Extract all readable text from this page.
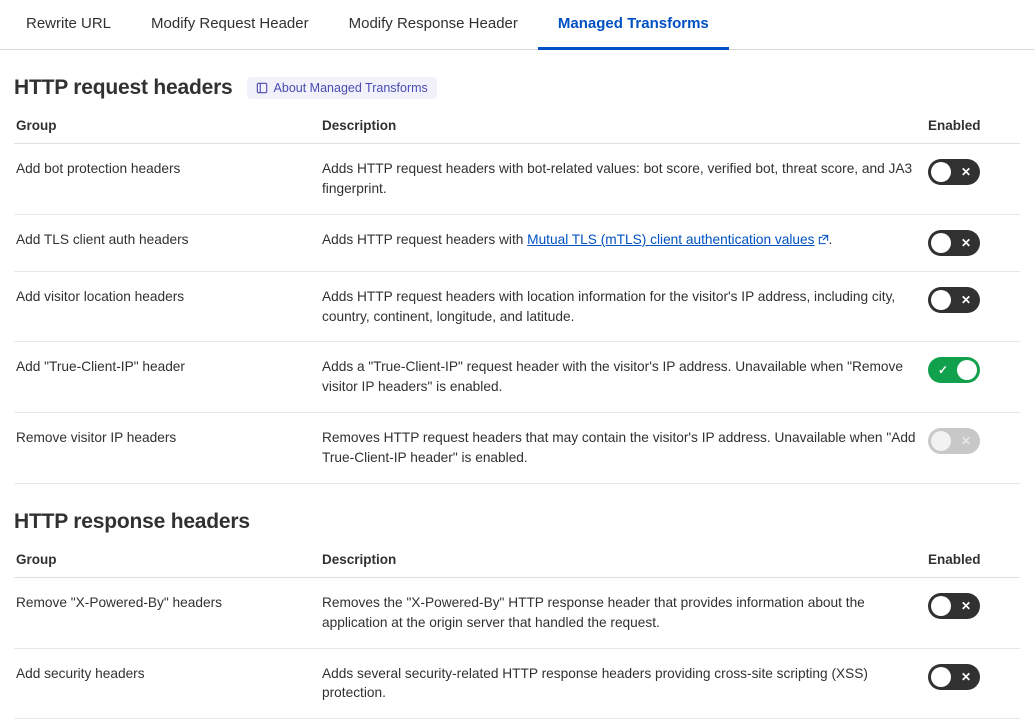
Rewrite URL	Modify Request Header	Modify Response Header	Managed Transforms
HTTP request headers	About Managed Transforms
Group	Description	Enabled
Add bot protection headers	Adds HTTP request headers with bot-related values: bot score, verified bot, threat score, and JA3 fingerprint.	✕

Add TLS client auth headers	Adds HTTP request headers with Mutual TLS (mTLS) client authentication values .	✕

Add visitor location headers	Adds HTTP request headers with location information for the visitor's IP address, including city, country, continent, longitude, and latitude.	✕

Add "True-Client-IP" header	Adds a "True-Client-IP" request header with the visitor's IP address. Unavailable when "Remove visitor IP headers" is enabled.	✓

Remove visitor IP headers	Removes HTTP request headers that may contain the visitor's IP address. Unavailable when "Add True-Client-IP header" is enabled.	✕
HTTP response headers
Group	Description	Enabled
Remove "X-Powered-By" headers	Removes the "X-Powered-By" HTTP response header that provides information about the application at the origin server that handled the request.	✕

Add security headers	Adds several security-related HTTP response headers providing cross-site scripting (XSS) protection.	✕
